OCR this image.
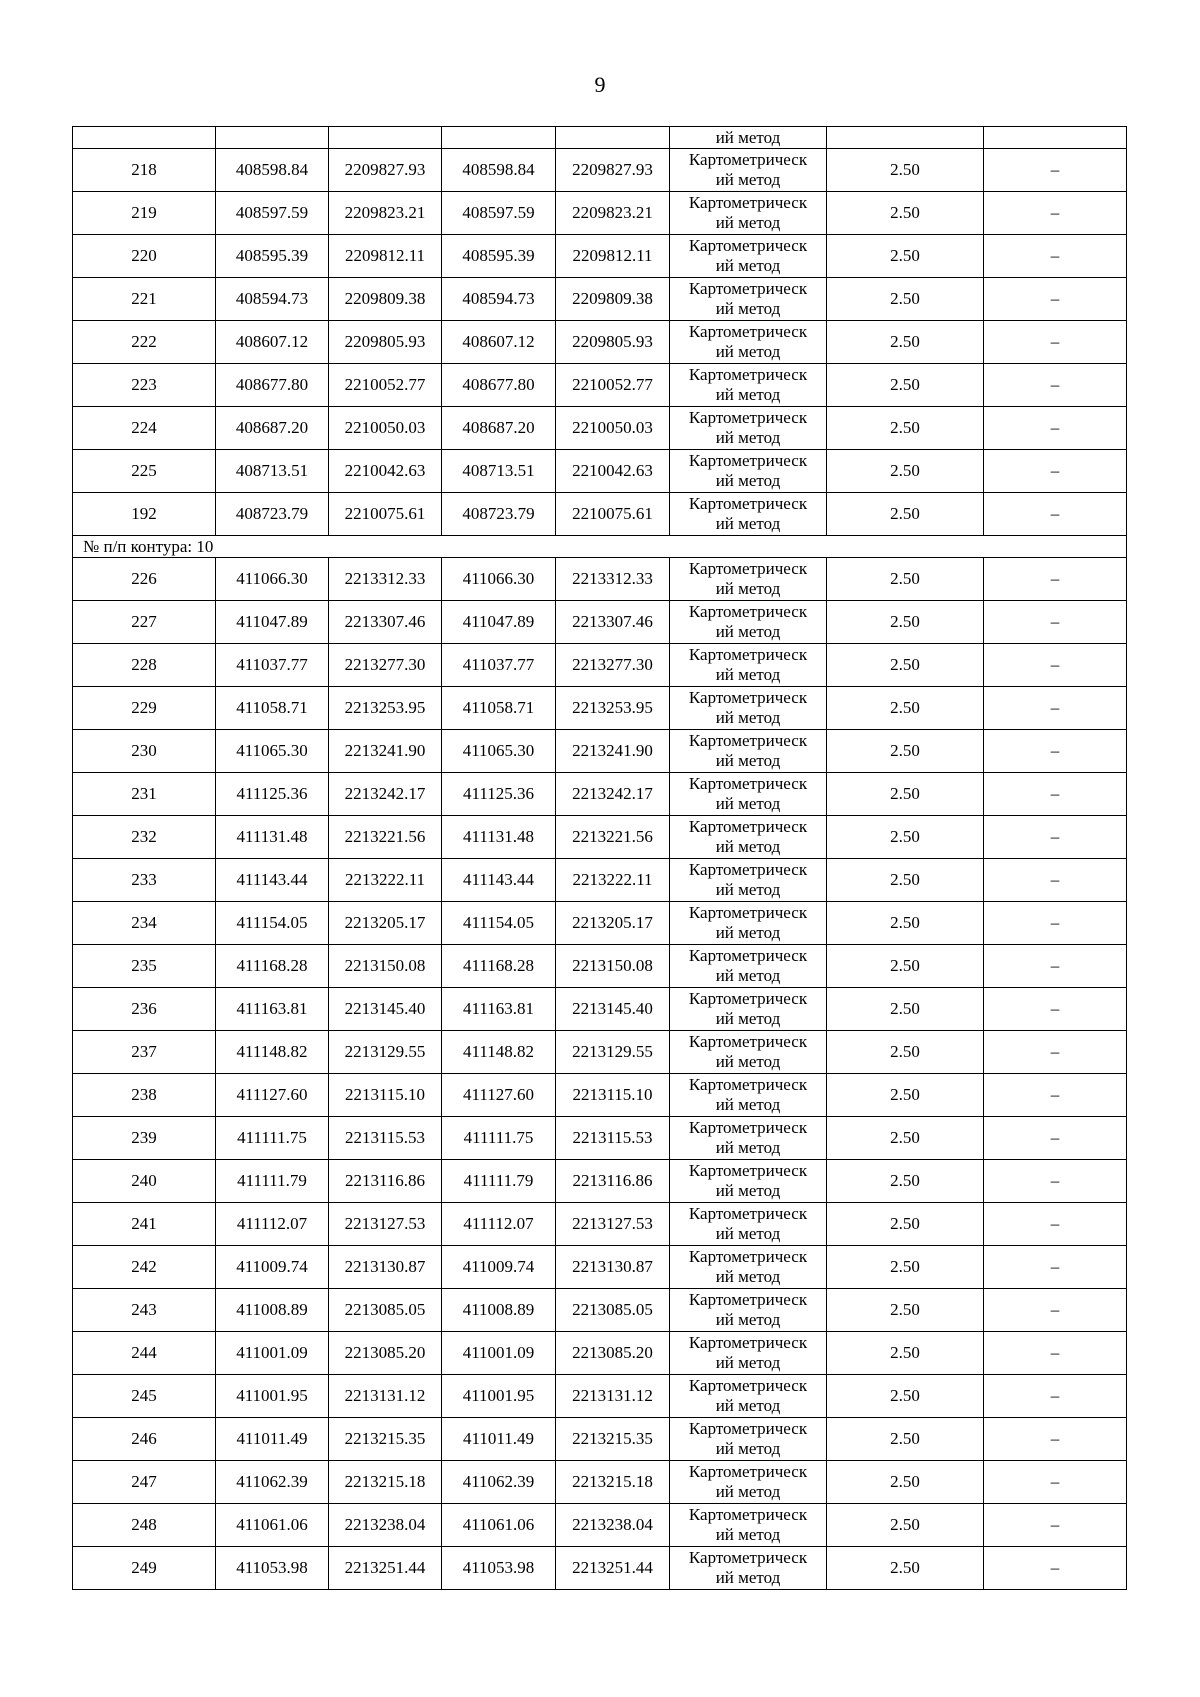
9
					ий метод		
218	408598.84	2209827.93	408598.84	2209827.93	Картометрическ
ий метод	2.50	–
219	408597.59	2209823.21	408597.59	2209823.21	Картометрическ
ий метод	2.50	–
220	408595.39	2209812.11	408595.39	2209812.11	Картометрическ
ий метод	2.50	–
221	408594.73	2209809.38	408594.73	2209809.38	Картометрическ
ий метод	2.50	–
222	408607.12	2209805.93	408607.12	2209805.93	Картометрическ
ий метод	2.50	–
223	408677.80	2210052.77	408677.80	2210052.77	Картометрическ
ий метод	2.50	–
224	408687.20	2210050.03	408687.20	2210050.03	Картометрическ
ий метод	2.50	–
225	408713.51	2210042.63	408713.51	2210042.63	Картометрическ
ий метод	2.50	–
192	408723.79	2210075.61	408723.79	2210075.61	Картометрическ
ий метод	2.50	–
№ п/п контура: 10							
226	411066.30	2213312.33	411066.30	2213312.33	Картометрическ
ий метод	2.50	–
227	411047.89	2213307.46	411047.89	2213307.46	Картометрическ
ий метод	2.50	–
228	411037.77	2213277.30	411037.77	2213277.30	Картометрическ
ий метод	2.50	–
229	411058.71	2213253.95	411058.71	2213253.95	Картометрическ
ий метод	2.50	–
230	411065.30	2213241.90	411065.30	2213241.90	Картометрическ
ий метод	2.50	–
231	411125.36	2213242.17	411125.36	2213242.17	Картометрическ
ий метод	2.50	–
232	411131.48	2213221.56	411131.48	2213221.56	Картометрическ
ий метод	2.50	–
233	411143.44	2213222.11	411143.44	2213222.11	Картометрическ
ий метод	2.50	–
234	411154.05	2213205.17	411154.05	2213205.17	Картометрическ
ий метод	2.50	–
235	411168.28	2213150.08	411168.28	2213150.08	Картометрическ
ий метод	2.50	–
236	411163.81	2213145.40	411163.81	2213145.40	Картометрическ
ий метод	2.50	–
237	411148.82	2213129.55	411148.82	2213129.55	Картометрическ
ий метод	2.50	–
238	411127.60	2213115.10	411127.60	2213115.10	Картометрическ
ий метод	2.50	–
239	411111.75	2213115.53	411111.75	2213115.53	Картометрическ
ий метод	2.50	–
240	411111.79	2213116.86	411111.79	2213116.86	Картометрическ
ий метод	2.50	–
241	411112.07	2213127.53	411112.07	2213127.53	Картометрическ
ий метод	2.50	–
242	411009.74	2213130.87	411009.74	2213130.87	Картометрическ
ий метод	2.50	–
243	411008.89	2213085.05	411008.89	2213085.05	Картометрическ
ий метод	2.50	–
244	411001.09	2213085.20	411001.09	2213085.20	Картометрическ
ий метод	2.50	–
245	411001.95	2213131.12	411001.95	2213131.12	Картометрическ
ий метод	2.50	–
246	411011.49	2213215.35	411011.49	2213215.35	Картометрическ
ий метод	2.50	–
247	411062.39	2213215.18	411062.39	2213215.18	Картометрическ
ий метод	2.50	–
248	411061.06	2213238.04	411061.06	2213238.04	Картометрическ
ий метод	2.50	–
249	411053.98	2213251.44	411053.98	2213251.44	Картометрическ
ий метод	2.50	–
